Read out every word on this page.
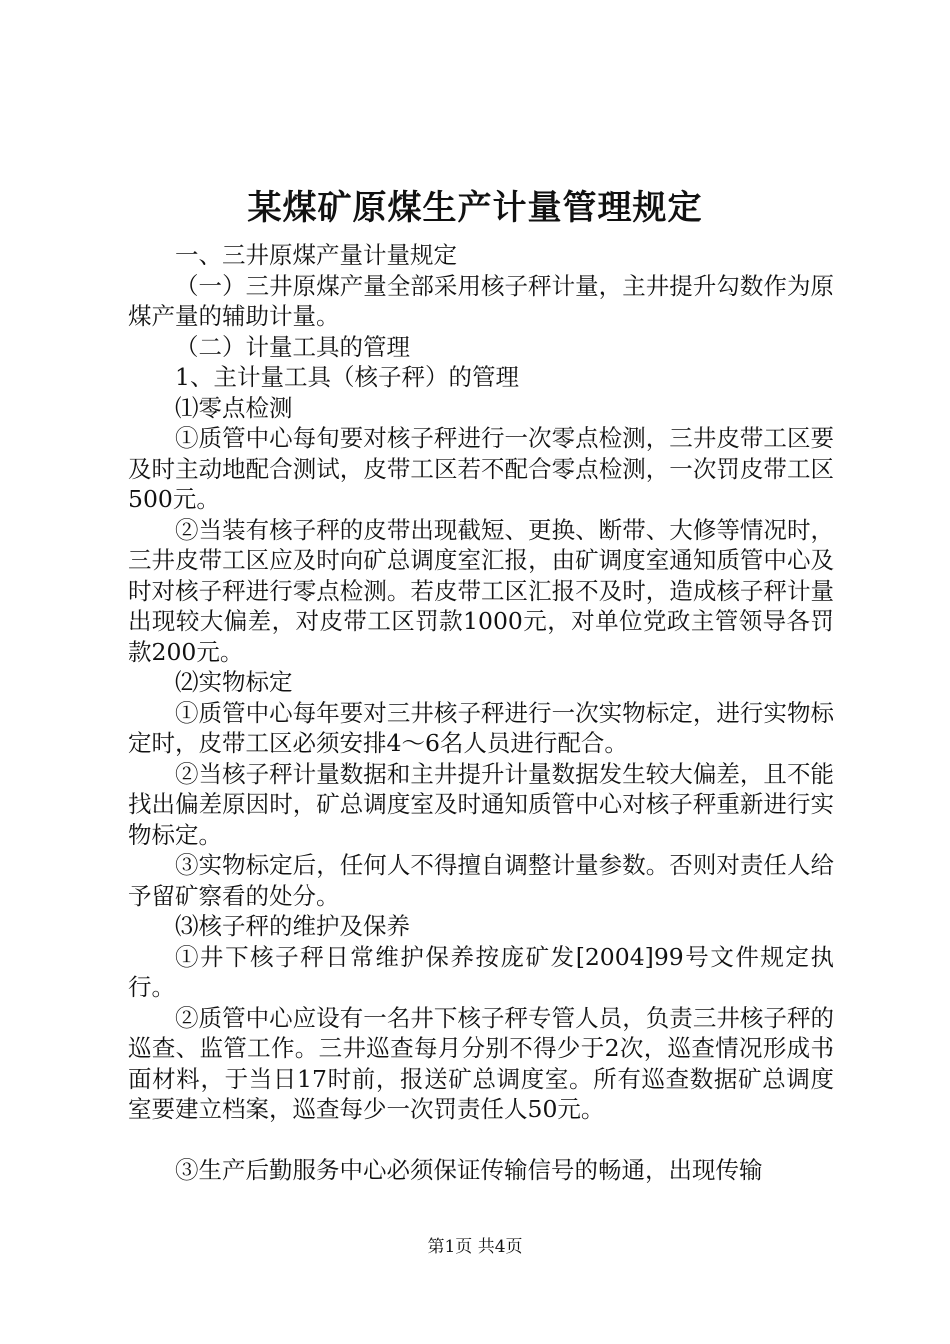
某煤矿原煤生产计量管理规定

一、三井原煤产量计量规定

（一）三井原煤产量全部采用核子秤计量，主井提升勾数作为原煤产量的辅助计量。

（二）计量工具的管理

1、主计量工具（核子秤）的管理

⑴零点检测

①质管中心每旬要对核子秤进行一次零点检测，三井皮带工区要及时主动地配合测试，皮带工区若不配合零点检测，一次罚皮带工区500元。

②当装有核子秤的皮带出现截短、更换、断带、大修等情况时，三井皮带工区应及时向矿总调度室汇报，由矿调度室通知质管中心及时对核子秤进行零点检测。若皮带工区汇报不及时，造成核子秤计量出现较大偏差，对皮带工区罚款1000元，对单位党政主管领导各罚款200元。

⑵实物标定

①质管中心每年要对三井核子秤进行一次实物标定，进行实物标定时，皮带工区必须安排4～6名人员进行配合。

②当核子秤计量数据和主井提升计量数据发生较大偏差，且不能找出偏差原因时，矿总调度室及时通知质管中心对核子秤重新进行实物标定。

③实物标定后，任何人不得擅自调整计量参数。否则对责任人给予留矿察看的处分。

⑶核子秤的维护及保养

①井下核子秤日常维护保养按庞矿发[2004]99号文件规定执行。

②质管中心应设有一名井下核子秤专管人员，负责三井核子秤的巡查、监管工作。三井巡查每月分别不得少于2次，巡查情况形成书面材料，于当日17时前，报送矿总调度室。所有巡查数据矿总调度室要建立档案，巡查每少一次罚责任人50元。

③生产后勤服务中心必须保证传输信号的畅通，出现传输

第1页 共4页
